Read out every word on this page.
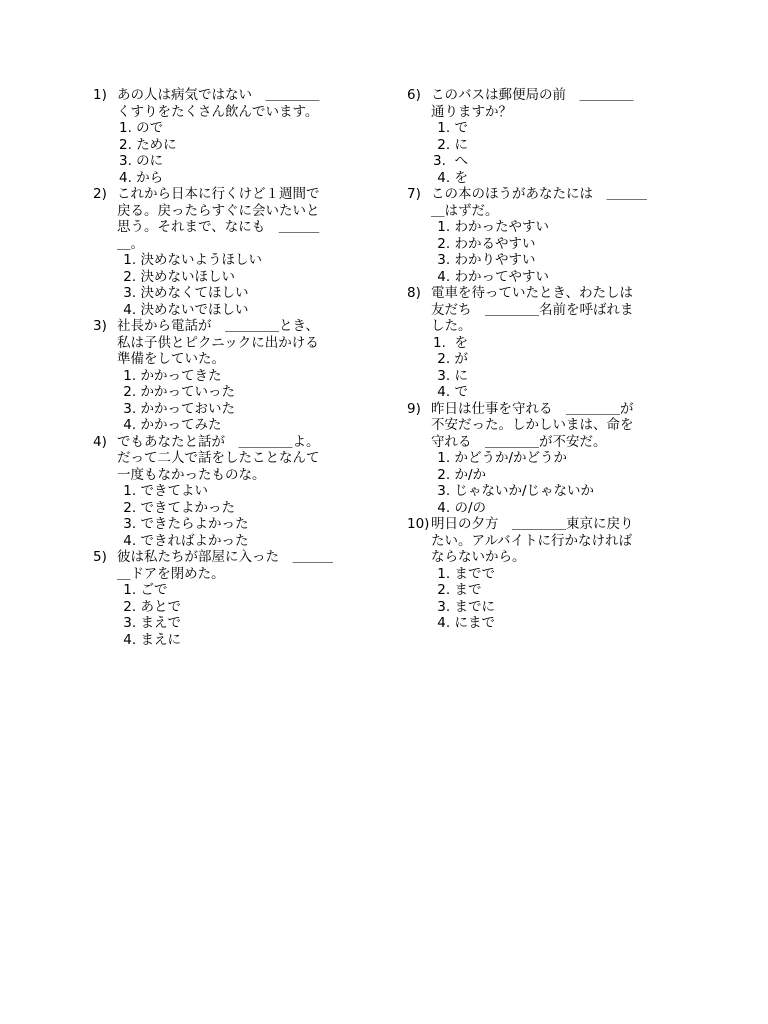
1) あの人は病気ではない　＿＿＿＿
くすりをたくさん飲んでいます。
1. ので
2. ために
3. のに
4. から
2) これから日本に行くけど１週間で
戻る。戻ったらすぐに会いたいと
思う。それまで、なにも　＿＿＿
＿。
1. 決めないようほしい
2. 決めないほしい
3. 決めなくてほしい
4. 決めないでほしい
3) 社長から電話が　＿＿＿＿とき、
私は子供とピクニックに出かける
準備をしていた。
1. かかってきた
2. かかっていった
3. かかっておいた
4. かかってみた
4) でもあなたと話が　＿＿＿＿よ。
だって二人で話をしたことなんて
一度もなかったものな。
1. できてよい
2. できてよかった
3. できたらよかった
4. できればよかった
5) 彼は私たちが部屋に入った　＿＿＿
＿ドアを閉めた。
1. ごで
2. あとで
3. まえで
4. まえに
6) このバスは郵便局の前　＿＿＿＿
通りますか？
1. で
2. に
3.  へ
4. を
7) この本のほうがあなたには　＿＿＿
＿はずだ。
1. わかったやすい
2. わかるやすい
3. わかりやすい
4. わかってやすい
8) 電車を待っていたとき、わたしは
友だち　＿＿＿＿名前を呼ばれま
した。
1.  を
2. が
3. に
4. で
9) 昨日は仕事を守れる　＿＿＿＿が
不安だった。しかしいまは、命を
守れる　＿＿＿＿が不安だ。
1. かどうか/かどうか
2. か/か
3. じゃないか/じゃないか
4. の/の
10) 明日の夕方　＿＿＿＿東京に戻り
たい。アルバイトに行かなければ
ならないから。
1. までで
2. まで
3. までに
4. にまで
